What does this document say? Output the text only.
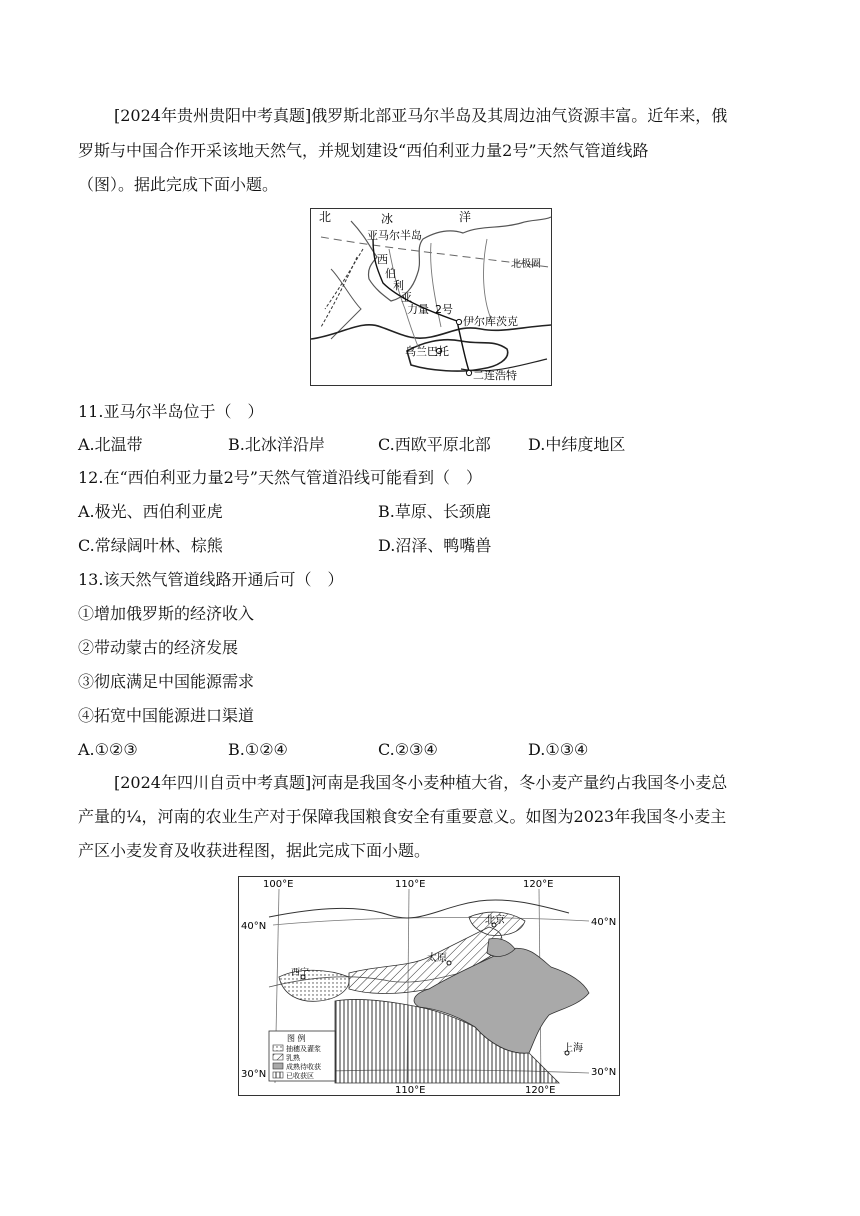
[2024年贵州贵阳中考真题]俄罗斯北部亚马尔半岛及其周边油气资源丰富。近年来，俄
罗斯与中国合作开采该地天然气，并规划建设“西伯利亚力量2号”天然气管道线路
（图）。据此完成下面小题。
北	冰	洋
亚马尔半岛
北极圈
西
伯
利
亚
力量 2号
伊尔库茨克
乌兰巴托
二连浩特
11.亚马尔半岛位于（　）
A.北温带	B.北冰洋沿岸	C.西欧平原北部 D.中纬度地区
12.在“西伯利亚力量2号”天然气管道沿线可能看到（　）
A.极光、西伯利亚虎	B.草原、长颈鹿
C.常绿阔叶林、棕熊	D.沼泽、鸭嘴兽
13.该天然气管道线路开通后可（　）
①增加俄罗斯的经济收入
②带动蒙古的经济发展
③彻底满足中国能源需求
④拓宽中国能源进口渠道
A.①②③	B.①②④	C.②③④	D.①③④
[2024年四川自贡中考真题]河南是我国冬小麦种植大省，冬小麦产量约占我国冬小麦总
产量的¼，河南的农业生产对于保障我国粮食安全有重要意义。如图为2023年我国冬小麦主
产区小麦发育及收获进程图，据此完成下面小题。
100°E	110°E	120°E
40°N	40°N
30°N	30°N
110°E	120°E
北京
太原
西宁
上海
图 例
抽穗及灌浆
乳熟
成熟待收获
已收获区
